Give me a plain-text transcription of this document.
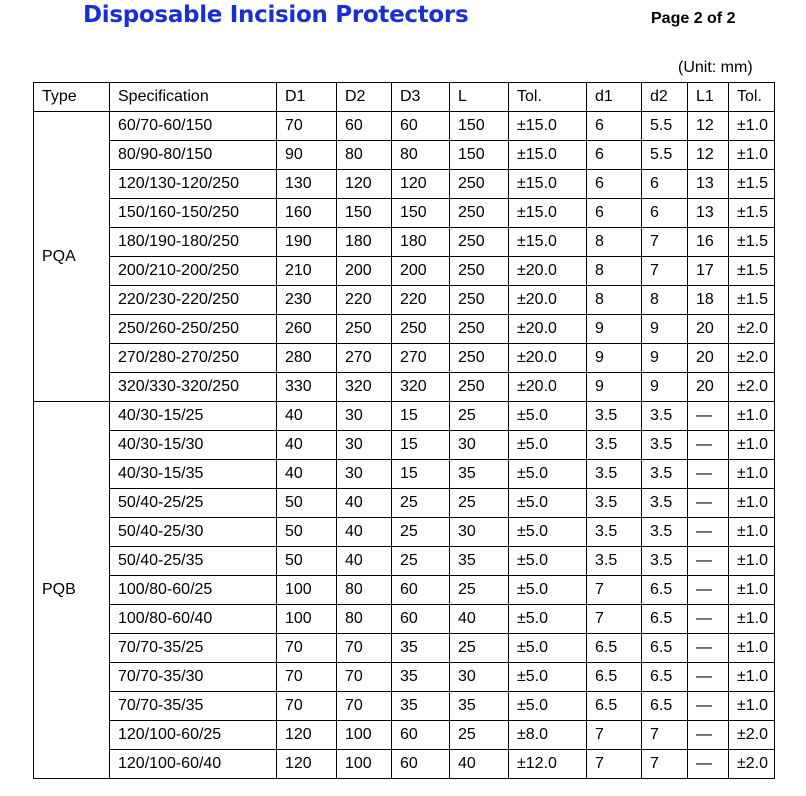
Disposable Incision Protectors	Page 2 of 2
(Unit: mm)
Type	Specification	D1	D2	D3	L	Tol.	d1	d2	L1	Tol.
PQA	60/70-60/150	70	60	60	150	±15.0	6	5.5	12	±1.0
	80/90-80/150	90	80	80	150	±15.0	6	5.5	12	±1.0
	120/130-120/250	130	120	120	250	±15.0	6	6	13	±1.5
	150/160-150/250	160	150	150	250	±15.0	6	6	13	±1.5
	180/190-180/250	190	180	180	250	±15.0	8	7	16	±1.5
	200/210-200/250	210	200	200	250	±20.0	8	7	17	±1.5
	220/230-220/250	230	220	220	250	±20.0	8	8	18	±1.5
	250/260-250/250	260	250	250	250	±20.0	9	9	20	±2.0
	270/280-270/250	280	270	270	250	±20.0	9	9	20	±2.0
	320/330-320/250	330	320	320	250	±20.0	9	9	20	±2.0
PQB	40/30-15/25	40	30	15	25	±5.0	3.5	3.5	—	±1.0
	40/30-15/30	40	30	15	30	±5.0	3.5	3.5	—	±1.0
	40/30-15/35	40	30	15	35	±5.0	3.5	3.5	—	±1.0
	50/40-25/25	50	40	25	25	±5.0	3.5	3.5	—	±1.0
	50/40-25/30	50	40	25	30	±5.0	3.5	3.5	—	±1.0
	50/40-25/35	50	40	25	35	±5.0	3.5	3.5	—	±1.0
	100/80-60/25	100	80	60	25	±5.0	7	6.5	—	±1.0
	100/80-60/40	100	80	60	40	±5.0	7	6.5	—	±1.0
	70/70-35/25	70	70	35	25	±5.0	6.5	6.5	—	±1.0
	70/70-35/30	70	70	35	30	±5.0	6.5	6.5	—	±1.0
	70/70-35/35	70	70	35	35	±5.0	6.5	6.5	—	±1.0
	120/100-60/25	120	100	60	25	±8.0	7	7	—	±2.0
	120/100-60/40	120	100	60	40	±12.0	7	7	—	±2.0
